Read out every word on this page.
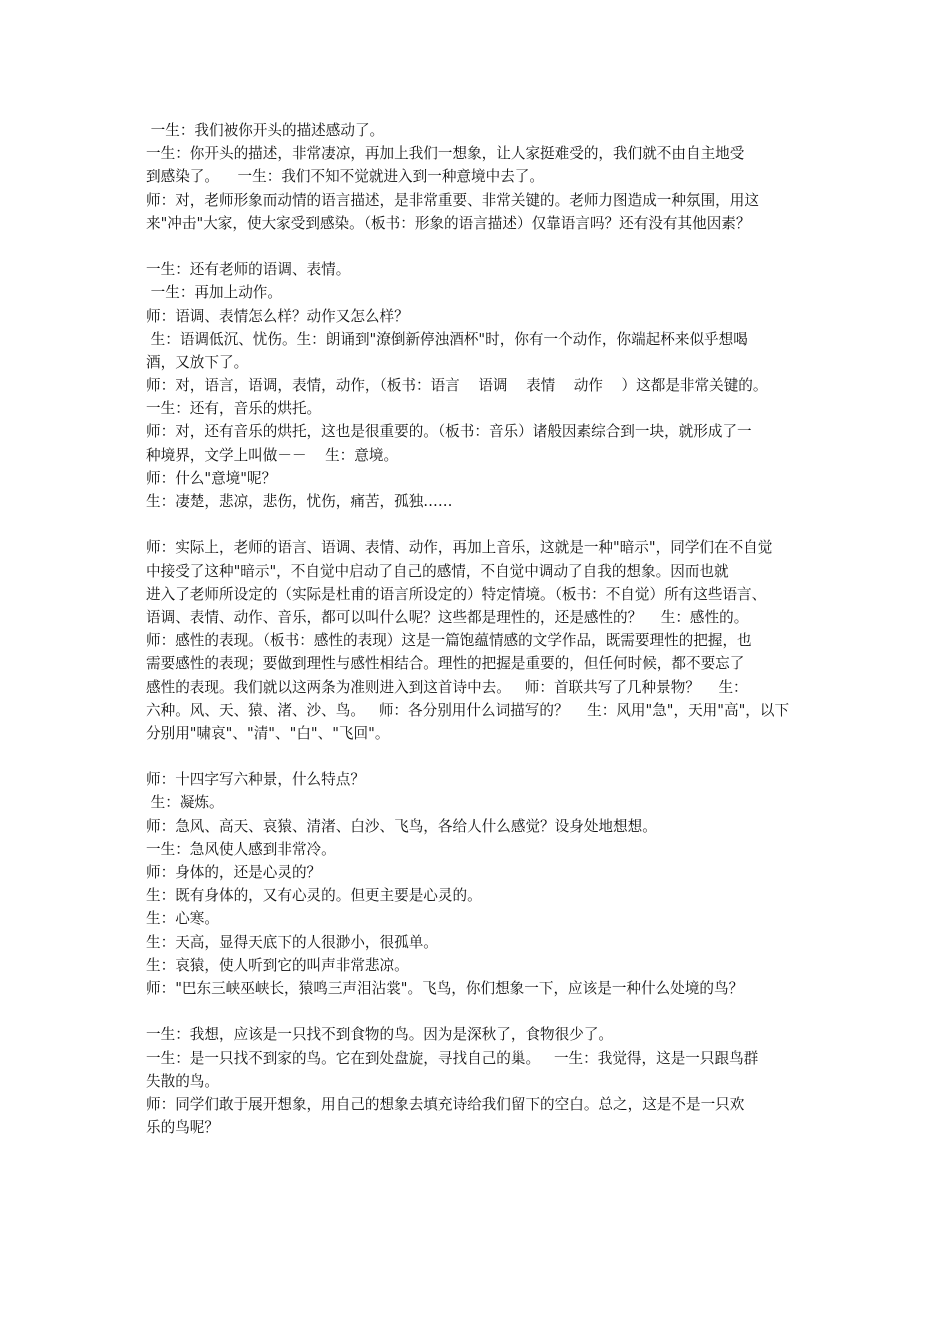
一生：我们被你开头的描述感动了。
一生：你开头的描述，非常凄凉，再加上我们一想象，让人家挺难受的，我们就不由自主地受
到感染了。    一生：我们不知不觉就进入到一种意境中去了。
师：对，老师形象而动情的语言描述，是非常重要、非常关键的。老师力图造成一种氛围，用这
来"冲击"大家，使大家受到感染。（板书：形象的语言描述）仅靠语言吗？还有没有其他因素？
一生：还有老师的语调、表情。
一生：再加上动作。
师：语调、表情怎么样？动作又怎么样？
生：语调低沉、忧伤。生：朗诵到"潦倒新停浊酒杯"时，你有一个动作，你端起杯来似乎想喝
酒，又放下了。
师：对，语言，语调，表情，动作，（板书：语言    语调    表情    动作    ）这都是非常关键的。
一生：还有，音乐的烘托。
师：对，还有音乐的烘托，这也是很重要的。（板书：音乐）诸般因素综合到一块，就形成了一
种境界，文学上叫做－－    生：意境。
师：什么"意境"呢？
生：凄楚，悲凉，悲伤，忧伤，痛苦，孤独……
师：实际上，老师的语言、语调、表情、动作，再加上音乐，这就是一种"暗示"，同学们在不自觉
中接受了这种"暗示"，不自觉中启动了自己的感情，不自觉中调动了自我的想象。因而也就
进入了老师所设定的（实际是杜甫的语言所设定的）特定情境。（板书：不自觉）所有这些语言、
语调、表情、动作、音乐，都可以叫什么呢？这些都是理性的，还是感性的？    生：感性的。
师：感性的表现。（板书：感性的表现）这是一篇饱蕴情感的文学作品，既需要理性的把握，也
需要感性的表现；要做到理性与感性相结合。理性的把握是重要的，但任何时候，都不要忘了
感性的表现。我们就以这两条为准则进入到这首诗中去。   师：首联共写了几种景物？    生：
六种。风、天、猿、渚、沙、鸟。   师：各分别用什么词描写的？    生：风用"急"，天用"高"，以下
分别用"啸哀"、"清"、"白"、"飞回"。
师：十四字写六种景，什么特点？
生：凝炼。
师：急风、高天、哀猿、清渚、白沙、飞鸟，各给人什么感觉？设身处地想想。
一生：急风使人感到非常冷。
师：身体的，还是心灵的？
生：既有身体的，又有心灵的。但更主要是心灵的。
生：心寒。
生：天高，显得天底下的人很渺小，很孤单。
生：哀猿，使人听到它的叫声非常悲凉。
师："巴东三峡巫峡长，猿鸣三声泪沾裳"。飞鸟，你们想象一下，应该是一种什么处境的鸟？
一生：我想，应该是一只找不到食物的鸟。因为是深秋了，食物很少了。
一生：是一只找不到家的鸟。它在到处盘旋，寻找自己的巢。   一生：我觉得，这是一只跟鸟群
失散的鸟。
师：同学们敢于展开想象，用自己的想象去填充诗给我们留下的空白。总之，这是不是一只欢
乐的鸟呢？
